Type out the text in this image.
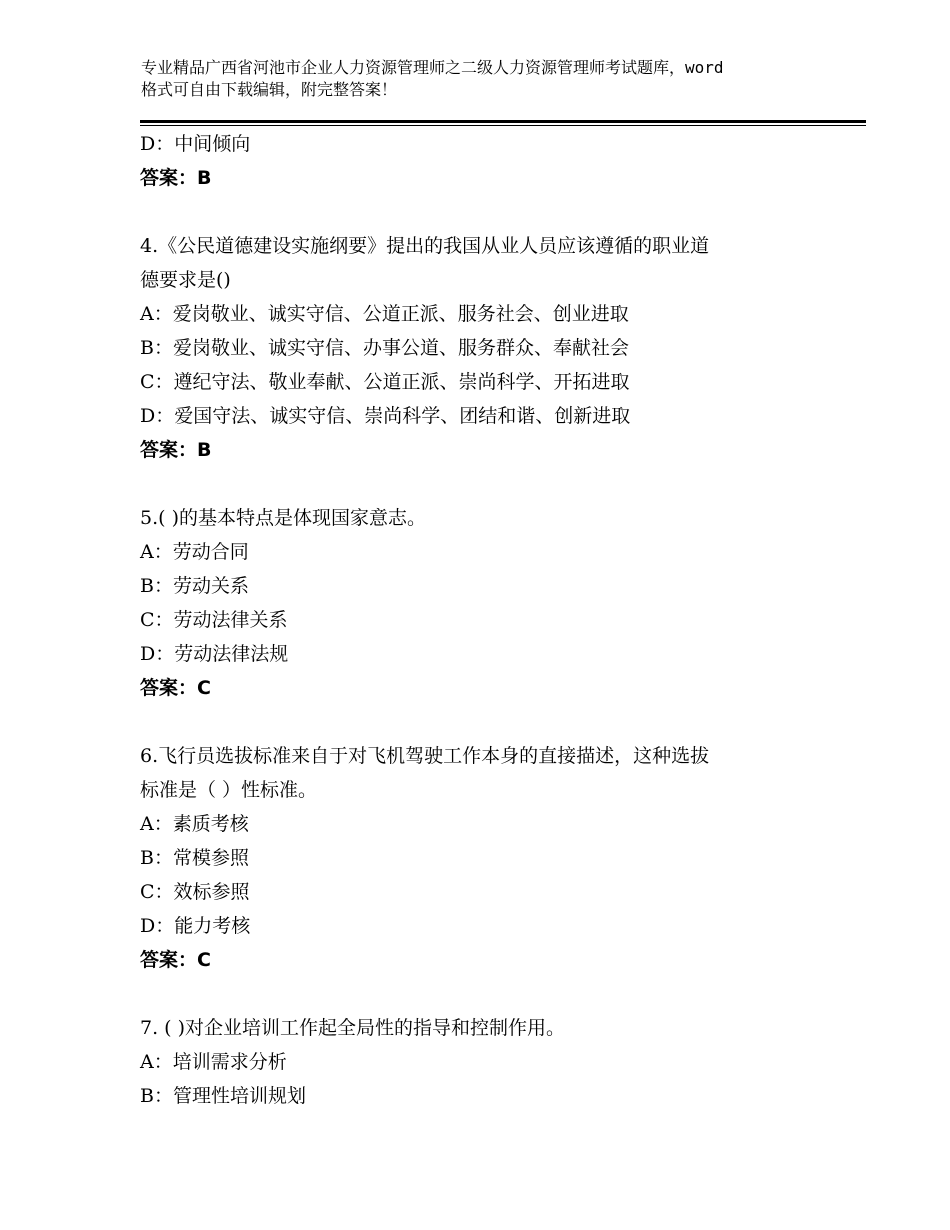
专业精品广西省河池市企业人力资源管理师之二级人力资源管理师考试题库，word
格式可自由下载编辑，附完整答案！
D：中间倾向
答案：B
4.《公民道德建设实施纲要》提出的我国从业人员应该遵循的职业道
德要求是()
A：爱岗敬业、诚实守信、公道正派、服务社会、创业进取
B：爱岗敬业、诚实守信、办事公道、服务群众、奉献社会
C：遵纪守法、敬业奉献、公道正派、崇尚科学、开拓进取
D：爱国守法、诚实守信、崇尚科学、团结和谐、创新进取
答案：B
5.( )的基本特点是体现国家意志。
A：劳动合同
B：劳动关系
C：劳动法律关系
D：劳动法律法规
答案：C
6.飞行员选拔标准来自于对飞机驾驶工作本身的直接描述，这种选拔
标准是（ ）性标准。
A：素质考核
B：常模参照
C：效标参照
D：能力考核
答案：C
7. ( )对企业培训工作起全局性的指导和控制作用。
A：培训需求分析
B：管理性培训规划
